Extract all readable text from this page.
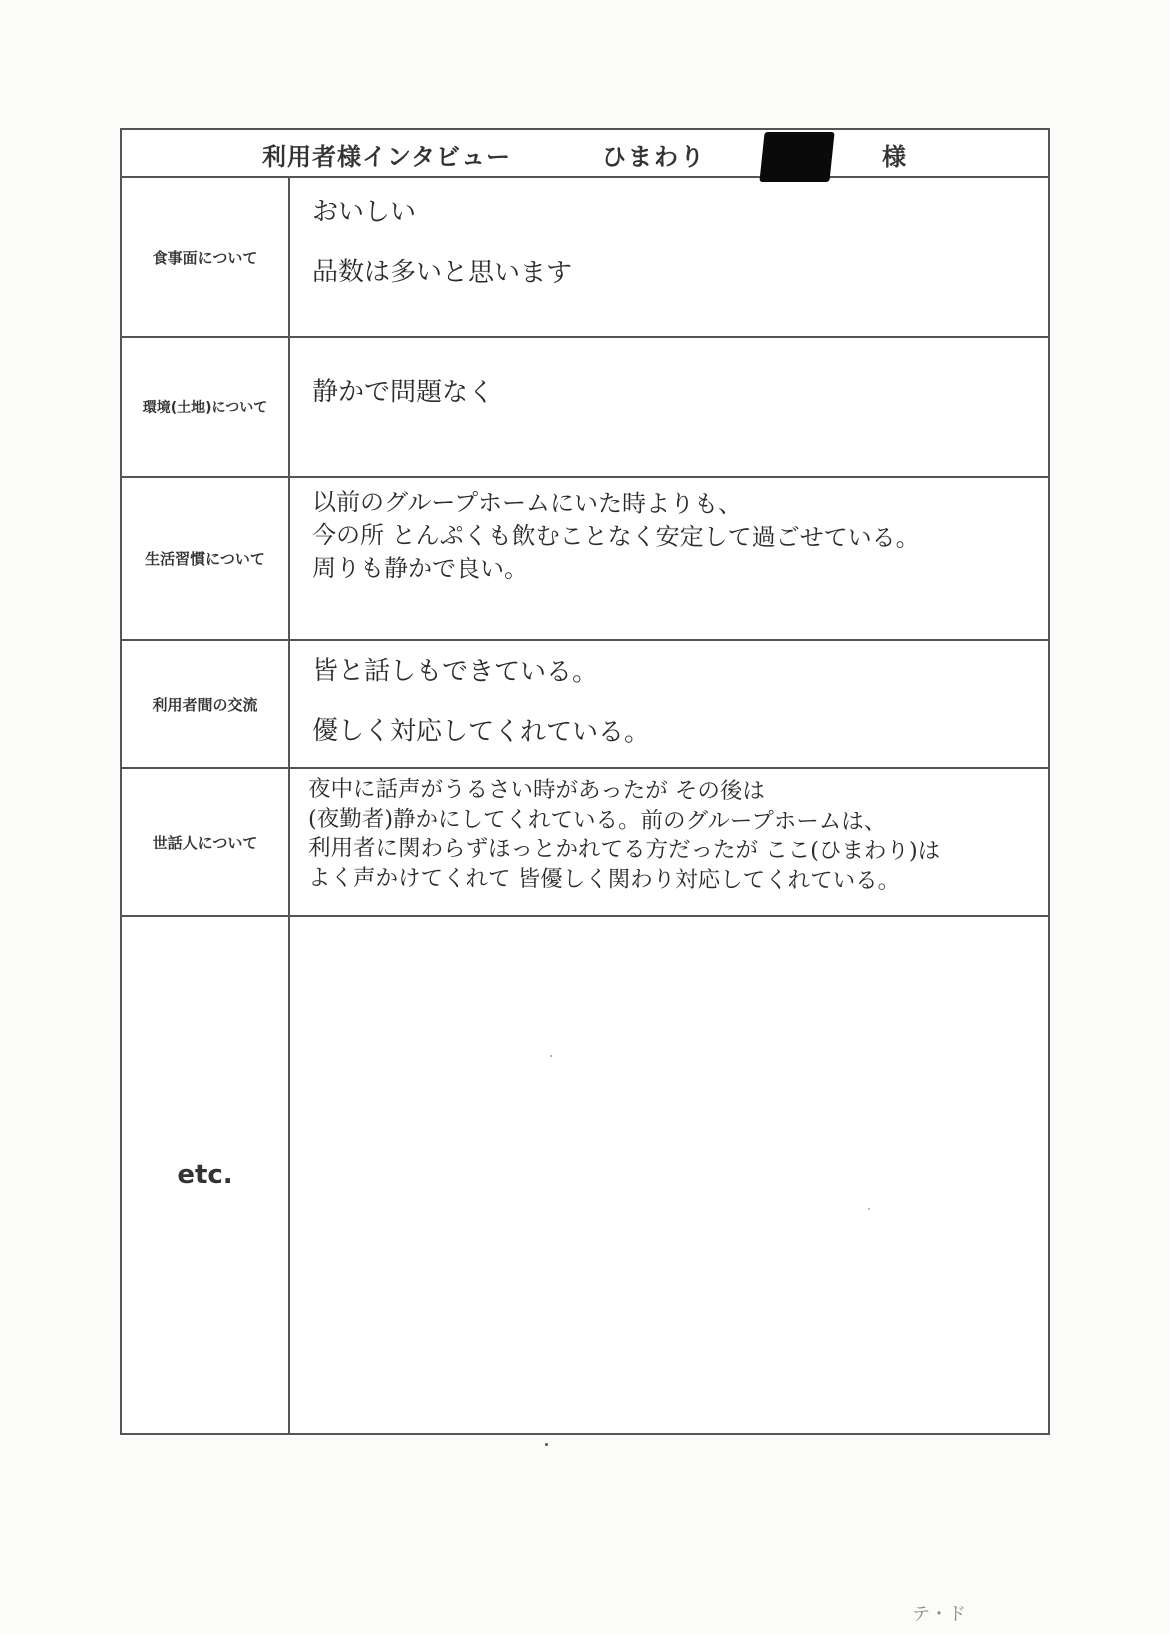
利用者様インタビュー	ひまわり	様
食事面について
おいしい
品数は多いと思います
環境(土地)について
静かで問題なく
生活習慣について
以前のグループホームにいた時よりも、
今の所 とんぷくも飲むことなく安定して過ごせている。
周りも静かで良い。
利用者間の交流
皆と話しもできている。
優しく対応してくれている。
世話人について
夜中に話声がうるさい時があったが その後は
(夜勤者)静かにしてくれている。前のグループホームは、
利用者に関わらずほっとかれてる方だったが ここ(ひまわり)は
よく声かけてくれて 皆優しく関わり対応してくれている。
etc.
テ・ド
